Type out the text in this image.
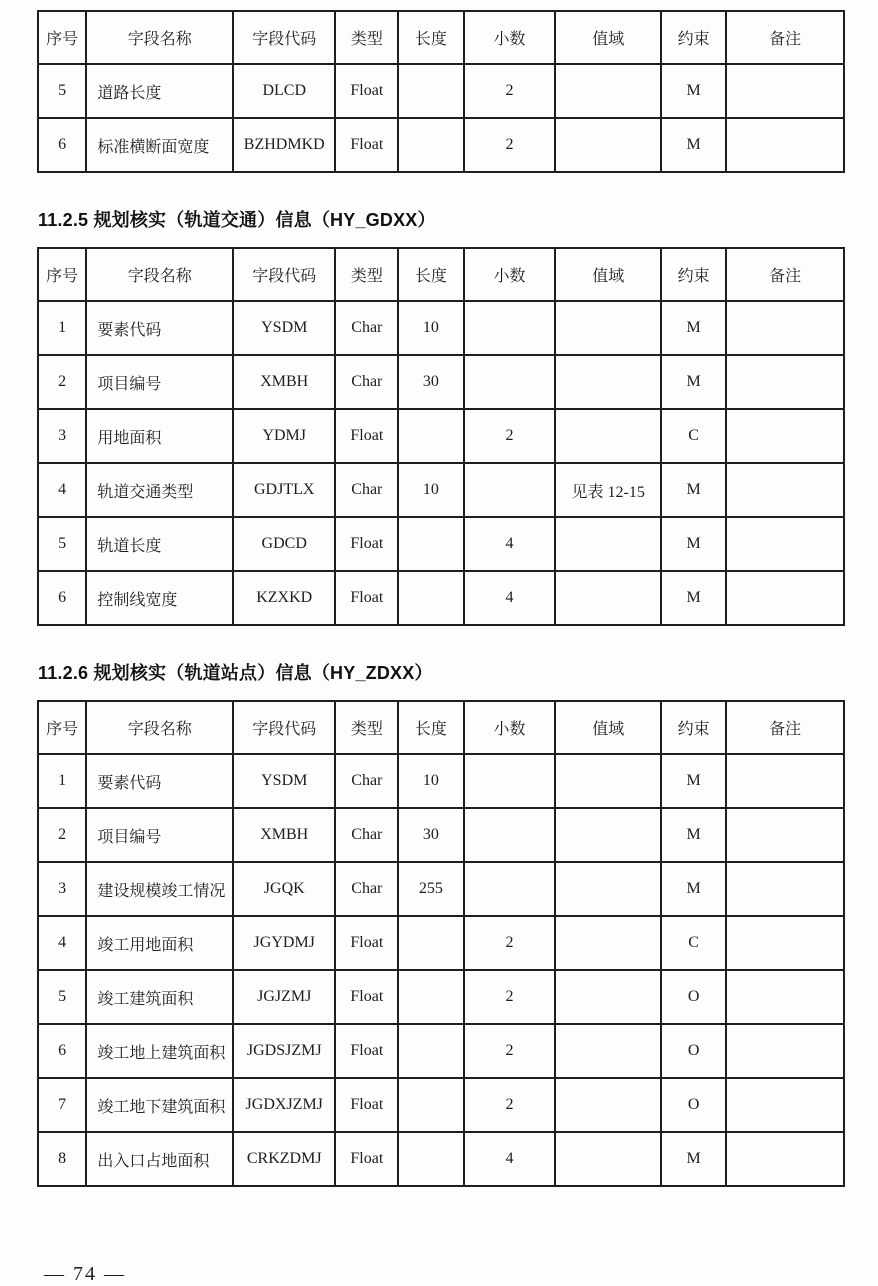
序号	字段名称	字段代码	类型	长度	小数	值域	约束	备注
5	道路长度	DLCD	Float		2		M	
6	标准横断面宽度	BZHDMKD	Float		2		M	
11.2.5 规划核实（轨道交通）信息（HY_GDXX）
序号	字段名称	字段代码	类型	长度	小数	值域	约束	备注
1	要素代码	YSDM	Char	10			M	
2	项目编号	XMBH	Char	30			M	
3	用地面积	YDMJ	Float		2		C	
4	轨道交通类型	GDJTLX	Char	10		见表 12-15	M	
5	轨道长度	GDCD	Float		4		M	
6	控制线宽度	KZXKD	Float		4		M	
11.2.6 规划核实（轨道站点）信息（HY_ZDXX）
序号	字段名称	字段代码	类型	长度	小数	值域	约束	备注
1	要素代码	YSDM	Char	10			M	
2	项目编号	XMBH	Char	30			M	
3	建设规模竣工情况	JGQK	Char	255			M	
4	竣工用地面积	JGYDMJ	Float		2		C	
5	竣工建筑面积	JGJZMJ	Float		2		O	
6	竣工地上建筑面积	JGDSJZMJ	Float		2		O	
7	竣工地下建筑面积	JGDXJZMJ	Float		2		O	
8	出入口占地面积	CRKZDMJ	Float		4		M	
— 74 —
